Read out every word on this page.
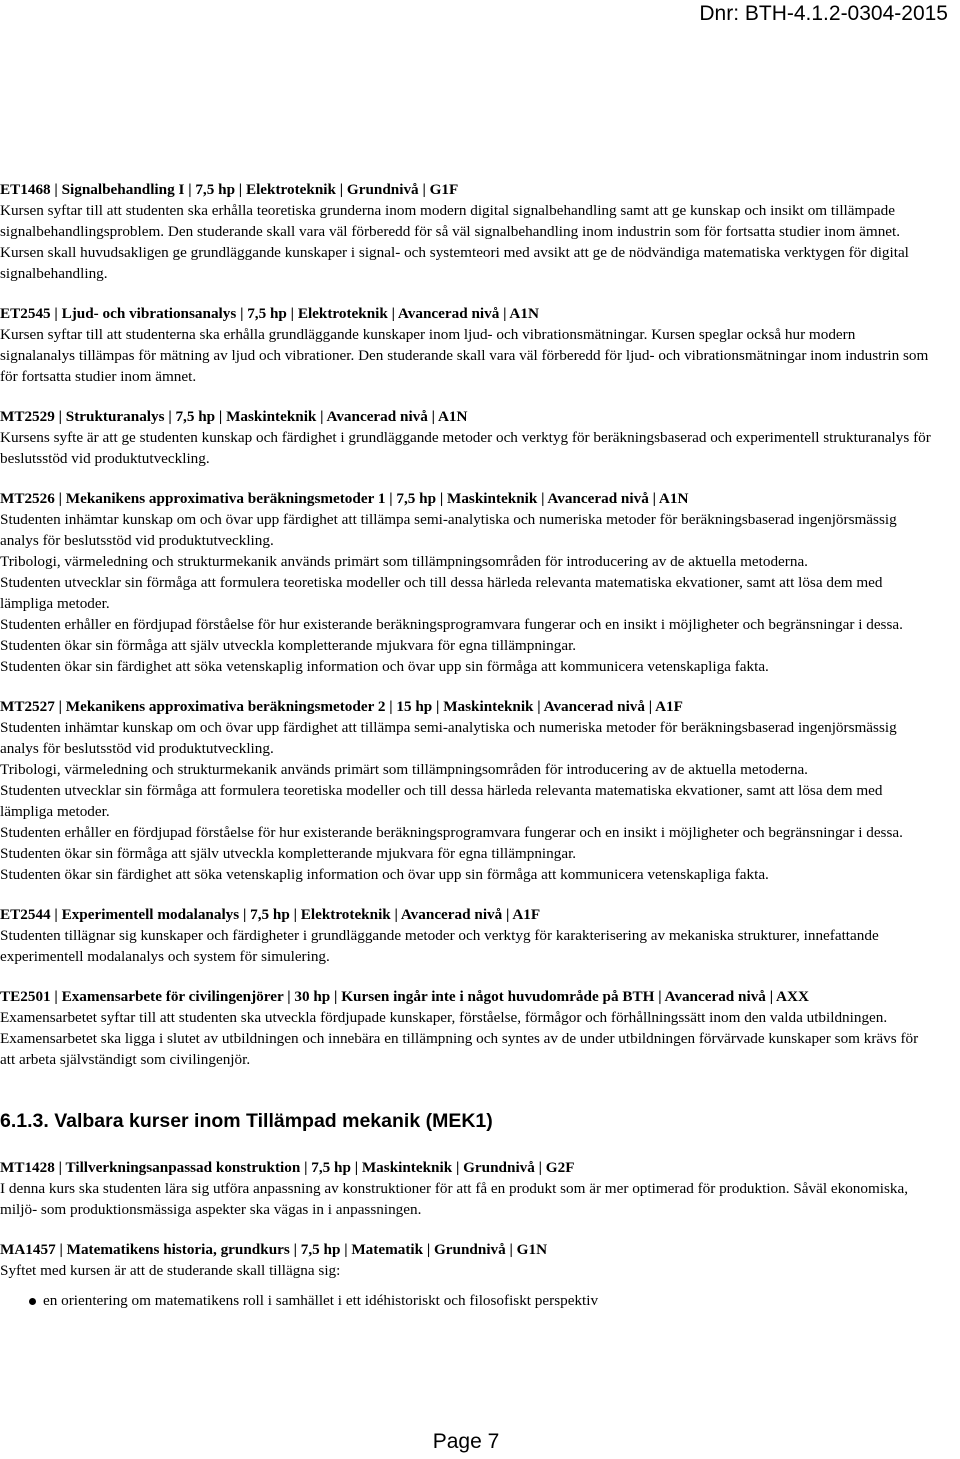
Dnr: BTH-4.1.2-0304-2015
ET1468 | Signalbehandling I | 7,5 hp | Elektroteknik | Grundnivå | G1F

Kursen syftar till att studenten ska erhålla teoretiska grunderna inom modern digital signalbehandling samt att ge kunskap och insikt om tillämpade signalbehandlingsproblem. Den studerande skall vara väl förberedd för så väl signalbehandling inom industrin som för fortsatta studier inom ämnet. Kursen skall huvudsakligen ge grundläggande kunskaper i signal- och systemteori med avsikt att ge de nödvändiga matematiska verktygen för digital signalbehandling.

ET2545 | Ljud- och vibrationsanalys | 7,5 hp | Elektroteknik | Avancerad nivå | A1N

Kursen syftar till att studenterna ska erhålla grundläggande kunskaper inom ljud- och vibrationsmätningar. Kursen speglar också hur modern signalanalys tillämpas för mätning av ljud och vibrationer. Den studerande skall vara väl förberedd för ljud- och vibrationsmätningar inom industrin som för fortsatta studier inom ämnet.

MT2529 | Strukturanalys | 7,5 hp | Maskinteknik | Avancerad nivå | A1N

Kursens syfte är att ge studenten kunskap och färdighet i grundläggande metoder och verktyg för beräkningsbaserad och experimentell strukturanalys för beslutsstöd vid produktutveckling.

MT2526 | Mekanikens approximativa beräkningsmetoder 1 | 7,5 hp | Maskinteknik | Avancerad nivå | A1N

Studenten inhämtar kunskap om och övar upp färdighet att tillämpa semi-analytiska och numeriska metoder för beräkningsbaserad ingenjörsmässig analys för beslutsstöd vid produktutveckling.

Tribologi, värmeledning och strukturmekanik används primärt som tillämpningsområden för introducering av de aktuella metoderna.

Studenten utvecklar sin förmåga att formulera teoretiska modeller och till dessa härleda relevanta matematiska ekvationer, samt att lösa dem med lämpliga metoder.

Studenten erhåller en fördjupad förståelse för hur existerande beräkningsprogramvara fungerar och en insikt i möjligheter och begränsningar i dessa. Studenten ökar sin förmåga att själv utveckla kompletterande mjukvara för egna tillämpningar.

Studenten ökar sin färdighet att söka vetenskaplig information och övar upp sin förmåga att kommunicera vetenskapliga fakta.

MT2527 | Mekanikens approximativa beräkningsmetoder 2 | 15 hp | Maskinteknik | Avancerad nivå | A1F

Studenten inhämtar kunskap om och övar upp färdighet att tillämpa semi-analytiska och numeriska metoder för beräkningsbaserad ingenjörsmässig analys för beslutsstöd vid produktutveckling.

Tribologi, värmeledning och strukturmekanik används primärt som tillämpningsområden för introducering av de aktuella metoderna.

Studenten utvecklar sin förmåga att formulera teoretiska modeller och till dessa härleda relevanta matematiska ekvationer, samt att lösa dem med lämpliga metoder.

Studenten erhåller en fördjupad förståelse för hur existerande beräkningsprogramvara fungerar och en insikt i möjligheter och begränsningar i dessa. Studenten ökar sin förmåga att själv utveckla kompletterande mjukvara för egna tillämpningar.

Studenten ökar sin färdighet att söka vetenskaplig information och övar upp sin förmåga att kommunicera vetenskapliga fakta.

ET2544 | Experimentell modalanalys | 7,5 hp | Elektroteknik | Avancerad nivå | A1F

Studenten tillägnar sig kunskaper och färdigheter i grundläggande metoder och verktyg för karakterisering av mekaniska strukturer, innefattande experimentell modalanalys och system för simulering.

TE2501 | Examensarbete för civilingenjörer | 30 hp | Kursen ingår inte i något huvudområde på BTH | Avancerad nivå | AXX

Examensarbetet syftar till att studenten ska utveckla fördjupade kunskaper, förståelse, förmågor och förhållningssätt inom den valda utbildningen. Examensarbetet ska ligga i slutet av utbildningen och innebära en tillämpning och syntes av de under utbildningen förvärvade kunskaper som krävs för att arbeta självständigt som civilingenjör.

6.1.3. Valbara kurser inom Tillämpad mekanik (MEK1)
MT1428 | Tillverkningsanpassad konstruktion | 7,5 hp | Maskinteknik | Grundnivå | G2F

I denna kurs ska studenten lära sig utföra anpassning av konstruktioner för att få en produkt som är mer optimerad för produktion. Såväl ekonomiska, miljö- som produktionsmässiga aspekter ska vägas in i anpassningen.

MA1457 | Matematikens historia, grundkurs | 7,5 hp | Matematik | Grundnivå | G1N

Syftet med kursen är att de studerande skall tillägna sig:

en orientering om matematikens roll i samhället i ett idéhistoriskt och filosofiskt perspektiv
Page 7
